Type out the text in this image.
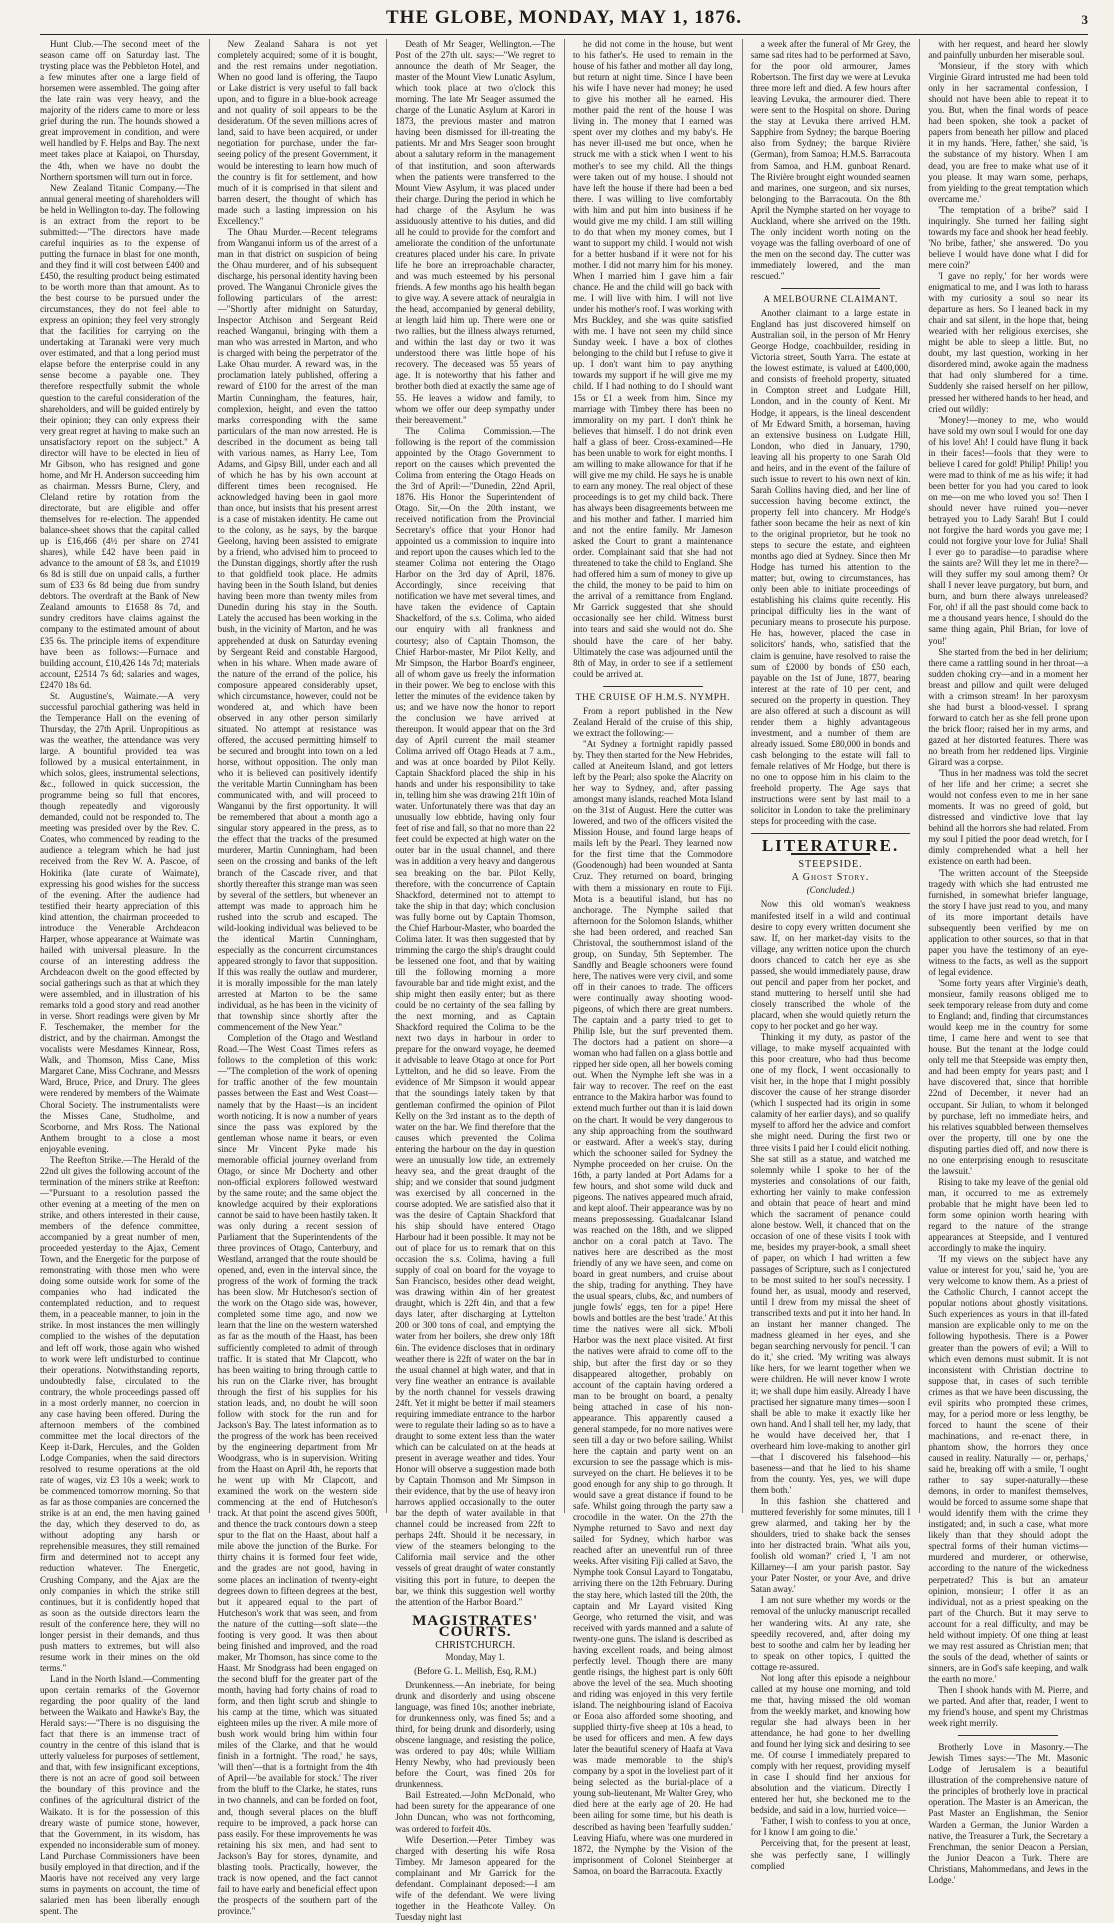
THE GLOBE, MONDAY, MAY 1, 1876.	3

Hunt Club.—The second meet of the season came off on Saturday last. The trysting place was the Pebbleton Hotel, and a few minutes after one a large field of horsemen were assembled. The going after the late rain was very heavy, and the majority of the riders came to more or less grief during the run. The hounds showed a great improvement in condition, and were well handled by F. Helps and Bay. The next meet takes place at Kaiapoi, on Thursday, the 4th, when we have no doubt the Northern sportsmen will turn out in force.

New Zealand Titanic Company.—The annual general meeting of shareholders will be held in Wellington to-day. The following is an extract from the report to be submitted:—"The directors have made careful inquiries as to the expense of putting the furnace in blast for one month, and they find it will cost between £400 and £450, the resulting product being estimated to be worth more than that amount. As to the best course to be pursued under the circumstances, they do not feel able to express an opinion; they feel very strongly that the facilities for carrying on the undertaking at Taranaki were very much over estimated, and that a long period must elapse before the enterprise could in any sense become a payable one. They therefore respectfully submit the whole question to the careful consideration of the shareholders, and will be guided entirely by their opinion; they can only express their very great regret at having to make such an unsatisfactory report on the subject." A director will have to be elected in lieu of Mr Gibson, who has resigned and gone home, and Mr H. Anderson succeeding him as chairman. Messrs Burne, Clery, and Cleland retire by rotation from the directorate, but are eligible and offer themselves for re-election. The appended balance-sheet shows that the capital called up is £16,466 (4½ per share on 2741 shares), while £42 have been paid in advance to the amount of £8 3s, and £1019 6s 8d is still due on unpaid calls, a further sum of £33 6s 8d being due from sundry debtors. The overdraft at the Bank of New Zealand amounts to £1658 8s 7d, and sundry creditors have claims against the company to the estimated amount of about £35 6s. The principle items of expenditure have been as follows:—Furnace and building account, £10,426 14s 7d; materials account, £2514 7s 6d; salaries and wages, £2470 18s 6d.

St. Augustine's, Waimate.—A very successful parochial gathering was held in the Temperance Hall on the evening of Thursday, the 27th April. Unpropitious as was the weather, the attendance was very large. A bountiful provided tea was followed by a musical entertainment, in which solos, glees, instrumental selections, &c., followed in quick succession, the programme being so full that encores, though repeatedly and vigorously demanded, could not be responded to. The meeting was presided over by the Rev. C. Coates, who commenced by reading to the audience a telegram which he had just received from the Rev W. A. Pascoe, of Hokitika (late curate of Waimate), expressing his good wishes for the success of the evening. After the audience had testified their hearty appreciation of this kind attention, the chairman proceeded to introduce the Venerable Archdeacon Harper, whose appearance at Waimate was hailed with universal pleasure. In the course of an interesting address the Archdeacon dwelt on the good effected by social gatherings such as that at which they were assembled, and in illustration of his remarks told a good story and read another in verse. Short readings were given by Mr F. Teschemaker, the member for the district, and by the chairman. Amongst the vocalists were Mesdames Kinnear, Ross, Walk, and Thomson, Miss Cane, Miss Margaret Cane, Miss Cochrane, and Messrs Ward, Bruce, Price, and Drury. The glees were rendered by members of the Waimate Choral Society. The instrumentalists were the Misses Cane, Studholme, and Scorborne, and Mrs Ross. The National Anthem brought to a close a most enjoyable evening.

The Reefton Strike.—The Herald of the 22nd ult gives the following account of the termination of the miners strike at Reefton:—"Pursuant to a resolution passed the other evening at a meeting of the men on strike, and others interested in their cause, members of the defence committee, accompanied by a great number of men, proceeded yesterday to the Ajax, Cement Town, and the Energetic for the purpose of remonstrating with those men who were doing some outside work for some of the companies who had indicated the contemplated reduction, and to request them, in a peaceable manner, to join in the strike. In most instances the men willingly complied to the wishes of the deputation and left off work, those again who wished to work were left undisturbed to continue their operations. Notwithstanding reports, undoubtedly false, circulated to the contrary, the whole proceedings passed off in a most orderly manner, no coercion in any case having been offered. During the afternoon members of the combined committee met the local directors of the Keep it-Dark, Hercules, and the Golden Lodge Companies, when the said directors resolved to resume operations at the old rate of wages, viz £3 10s a week; work to be commenced tomorrow morning. So that as far as those companies are concerned the strike is at an end, the men having gained the day, which they deserved to do, as without adopting any harsh or reprehensible measures, they still remained firm and determined not to accept any reduction whatever. The Energetic, Crushing Company, and the Ajax are the only companies in which the strike still continues, but it is confidently hoped that as soon as the outside directors learn the result of the conference here, they will no longer persist in their demands, and thus push matters to extremes, but will also resume work in their mines on the old terms."

Land in the North Island.—Commenting upon certain remarks of the Governor regarding the poor quality of the land between the Waikato and Hawke's Bay, the Herald says:—"There is no disguising the fact that there is an immense tract of country in the centre of this island that is utterly valueless for purposes of settlement, and that, with few insignificant exceptions, there is not an acre of good soil between the boundary of this province and the confines of the agricultural district of the Waikato. It is for the possession of this dreary waste of pumice stone, however, that the Government, in its wisdom, has expended no inconsiderable sum of money. Land Purchase Commissioners have been busily employed in that direction, and if the Maoris have not received any very large sums in payments on account, the time of salaried men has been liberally enough spent. The

New Zealand Sahara is not yet completely acquired; some of it is bought, and the rest remains under negotiation. When no good land is offering, the Taupo or Lake district is very useful to fall back upon, and to figure in a blue-book acreage and not quality of soil appears to be the desideratum. Of the seven millions acres of land, said to have been acquired, or under negotiation for purchase, under the far-seeing policy of the present Government, it would be interesting to learn how much of the country is fit for settlement, and how much of it is comprised in that silent and barren desert, the thought of which has made such a lasting impression on his Excellency."

The Ohau Murder.—Recent telegrams from Wanganui inform us of the arrest of a man in that district on suspicion of being the Ohau murderer, and of his subsequent discharge, his personal identity having been proved. The Wanganui Chronicle gives the following particulars of the arrest:—"Shortly after midnight on Saturday, Inspector Atchison and Sergeant Reid reached Wanganui, bringing with them a man who was arrested in Marton, and who is charged with being the perpetrator of the Lake Ohau murder. A reward was, in the proclamation lately published, offering a reward of £100 for the arrest of the man Martin Cunningham, the features, hair, complexion, height, and even the tattoo marks corresponding with the same particulars of the man now arrested. He is described in the document as being tall with various names, as Harry Lee, Tom Adams, and Gipsy Bill, under each and all of which he has by his own account at different times been recognised. He acknowledged having been in gaol more than once, but insists that his present arrest is a case of mistaken identity. He came out to the colony, as he says, by the barque Geelong, having been assisted to emigrate by a friend, who advised him to proceed to the Dunstan diggings, shortly after the rush to that goldfield took place. He admits having been in the South Island, but denies having been more than twenty miles from Dunedin during his stay in the South. Lately the accused has been working in the bush, in the vicinity of Marton, and he was apprehended at dusk on Saturday evening by Sergeant Reid and constable Hargood, when in his whare. When made aware of the nature of the errand of the police, his composure appeared considerably upset, which circumstance, however, could not be wondered at, and which have been observed in any other person similarly situated. No attempt at resistance was offered, the accused permitting himself to be secured and brought into town on a led horse, without opposition. The only man who it is believed can positively identify the veritable Martin Cunningham has been communicated with, and will proceed to Wanganui by the first opportunity. It will be remembered that about a month ago a singular story appeared in the press, as to the effect that the tracks of the presumed murderer, Martin Cunningham, had been seen on the crossing and banks of the left branch of the Cascade river, and that shortly thereafter this strange man was seen by several of the settlers, but whenever an attempt was made to approach him he rushed into the scrub and escaped. The wild-looking individual was believed to be the identical Martin Cunningham, especially as the concurrent circumstances appeared strongly to favor that supposition. If this was really the outlaw and murderer, it is morally impossible for the man lately arrested at Marton to be the same individual, as he has been in the vicinity of that township since shortly after the commencement of the New Year."

Completion of the Otago and Westland Road.—The West Coast Times refers as follows to the completion of this work:—"The completion of the work of opening for traffic another of the few mountain passes between the East and West Coast—namely that by the Haast—is an incident worth noticing. It is now a number of years since the pass was explored by the gentleman whose name it bears, or even since Mr Vincent Pyke made his memorable official journey overland from Otago, or since Mr Docherty and other non-official explorers followed westward by the same route; and the same object the knowledge acquired by their explorations cannot be said to have been hastily taken. It was only during a recent session of Parliament that the Superintendents of the three provinces of Otago, Canterbury, and Westland, arranged that the route should be opened, and, even in the interval since, the progress of the work of forming the track has been slow. Mr Hutcheson's section of the work on the Otago side was, however, completed some time ago, and now we learn that the line on the western watershed as far as the mouth of the Haast, has been sufficiently completed to admit of through traffic. It is stated that Mr Clapcott, who has been waiting to bring through cattle to his run on the Clarke river, has brought through the first of his supplies for his station leads, and, no doubt he will soon follow with stock for the run and for Jackson's Bay. The latest information as to the progress of the work has been received by the engineering department from Mr Woodgrass, who is in supervision. Writing from the Haast on April 4th, he reports that he went up with Mr Clapcott, and examined the work on the western side commencing at the end of Hutcheson's track. At that point the ascend gives 500ft, and thence the track contours down a steep spur to the flat on the Haast, about half a mile above the junction of the Burke. For thirty chains it is formed four feet wide, and the grades are not good, having in some places an inclination of twenty-eight degrees down to fifteen degrees at the best, but it appeared equal to the part of Hutcheson's work that was seen, and from the nature of the cutting—soft slate—the footing is very good. It was then about being finished and improved, and the road maker, Mr Thomson, has since come to the Haast. Mr Snodgrass had been engaged on the second bluff for the greater part of the month, having had forty chains of road to form, and then light scrub and shingle to his camp at the time, which was situated eighteen miles up the river. A mile more of bush work would bring him within four miles of the Clarke, and that he would finish in a fortnight. 'The road,' he says, 'will then'—that is a fortnight from the 4th of April—'be available for stock.' The river from the bluff to the Clarke, he states, runs in two channels, and can be forded on foot, and, though several places on the bluff require to be improved, a pack horse can pass easily. For these improvements he was retaining his six men, and had sent to Jackson's Bay for stores, dynamite, and blasting tools. Practically, however, the track is now opened, and the fact cannot fail to have early and beneficial effect upon the prospects of the southern part of the province."

Death of Mr Seager, Wellington.—The Post of the 27th ult. says:—"We regret to announce the death of Mr Seager, the master of the Mount View Lunatic Asylum, which took place at two o'clock this morning. The late Mr Seager assumed the charge of the Lunatic Asylum at Karori in 1873, the previous master and matron having been dismissed for ill-treating the patients. Mr and Mrs Seager soon brought about a salutary reform in the management of that institution, and soon afterwards when the patients were transferred to the Mount View Asylum, it was placed under their charge. During the period in which he had charge of the Asylum he was assiduously attentive to his duties, and did all he could to provide for the comfort and ameliorate the condition of the unfortunate creatures placed under his care. In private life he bore an irreproachable character, and was much esteemed by his personal friends. A few months ago his health began to give way. A severe attack of neuralgia in the head, accompanied by general debility, at length laid him up. There were one or two rallies, but the illness always returned, and within the last day or two it was understood there was little hope of his recovery. The deceased was 55 years of age. It is noteworthy that his father and brother both died at exactly the same age of 55. He leaves a widow and family, to whom we offer our deep sympathy under their bereavement."

The Colima Commission.—The following is the report of the commission appointed by the Otago Government to report on the causes which prevented the Colima from entering the Otago Heads on the 3rd of April:—"Dunedin, 22nd April, 1876. His Honor the Superintendent of Otago. Sir,—On the 20th instant, we received notification from the Provincial Secretary's office that your Honor had appointed us a commission to inquire into and report upon the causes which led to the steamer Colima not entering the Otago Harbor on the 3rd day of April, 1876. Accordingly, since receiving that notification we have met several times, and have taken the evidence of Captain Shackelford, of the s.s. Colima, who aided our enquiry with all frankness and courtesy; also of Captain Thomson, the Chief Harbor-master, Mr Pilot Kelly, and Mr Simpson, the Harbor Board's engineer, all of whom gave us freely the information in their power. We beg to enclose with this letter the minutes of the evidence taken by us; and we have now the honor to report the conclusion we have arrived at thereupon. It would appear that on the 3rd day of April current the mail steamer Colima arrived off Otago Heads at 7 a.m., and was at once boarded by Pilot Kelly. Captain Shackford placed the ship in his hands and under his responsibility to take in, telling him she was drawing 21ft 10in of water. Unfortunately there was that day an unusually low ebbtide, having only four feet of rise and fall, so that no more than 22 feet could be expected at high water on the outer bar in the usual channel, and there was in addition a very heavy and dangerous sea breaking on the bar. Pilot Kelly, therefore, with the concurrence of Captain Shackford, determined not to attempt to take the ship in that day; which conclusion was fully borne out by Captain Thomson, the Chief Harbour-Master, who boarded the Colima later. It was then suggested that by trimming the cargo the ship's draught could be lessened one foot, and that by waiting till the following morning a more favourable bar and tide might exist, and the ship might then easily enter; but as there could be no certainty of the sea falling by the next morning, and as Captain Shackford required the Colima to be the next two days in harbour in order to prepare for the onward voyage, he deemed it advisable to leave Otago at once for Port Lyttelton, and he did so leave. From the evidence of Mr Simpson it would appear that the soundings lately taken by that gentleman confirmed the opinion of Pilot Kelly on the 3rd instant as to the depth of water on the bar. We find therefore that the causes which prevented the Colima entering the harbour on the day in question were an unusually low tide, an extremely heavy sea, and the great draught of the ship; and we consider that sound judgment was exercised by all concerned in the course adopted. We are satisfied also that it was the desire of Captain Shackford that his ship should have entered Otago Harbour had it been possible. It may not be out of place for us to remark that on this occasion the s.s. Colima, having a full supply of coal on board for the voyage to San Francisco, besides other dead weight, was drawing within 4in of her greatest draught, which is 22ft 4in, and that a few days later, after discharging at Lyttelton 200 or 300 tons of coal, and emptying the water from her boilers, she drew only 18ft 6in. The evidence discloses that in ordinary weather there is 22ft of water on the bar in the usual channel at high water, and that in very fine weather an entrance is available by the north channel for vessels drawing 24ft. Yet it might be better if mail steamers requiring immediate entrance to the harbor were to regulate their lading so as to have a draught to some extent less than the water which can be calculated on at the heads at present in average weather and tides. Your Honor will observe a suggestion made both by Captain Thomson and Mr Simpson in their evidence, that by the use of heavy iron harrows applied occasionally to the outer bar the depth of water available in that channel could be increased from 22ft to perhaps 24ft. Should it be necessary, in view of the steamers belonging to the California mail service and the other vessels of great draught of water constantly visiting this port in future, to deepen the bar, we think this suggestion well worthy the attention of the Harbor Board."

MAGISTRATES' COURTS.
CHRISTCHURCH.
Monday, May 1.
(Before G. L. Mellish, Esq, R.M.)

Drunkenness.—An inebriate, for being drunk and disorderly and using obscene language, was fined 10s; another inebriate, for drunkenness only, was fined 5s; and a third, for being drunk and disorderly, using obscene language, and resisting the police, was ordered to pay 40s; while William Henry Newby, who had previously been before the Court, was fined 20s for drunkenness.

Bail Estreated.—John McDonald, who had been surety for the appearance of one John Duncan, who was not forthcoming, was ordered to forfeit 40s.

Wife Desertion.—Peter Timbey was charged with deserting his wife Rosa Timbey. Mr Jameson appeared for the complainant and Mr Garrick for the defendant. Complainant deposed:—I am wife of the defendant. We were living together in the Heathcote Valley. On Tuesday night last

he did not come in the house, but went to his father's. He used to remain in the house of his father and mother all day long, but return at night time. Since I have been his wife I have never had money; he used to give his mother all he earned. His mother paid the rent of the house I was living in. The money that I earned was spent over my clothes and my baby's. He has never ill-used me but once, when he struck me with a stick when I went to his mother's to see my child. All the things were taken out of my house. I should not have left the house if there had been a bed there. I was willing to live comfortably with him and put him into business if he would give me my child. I am still willing to do that when my money comes, but I want to support my child. I would not wish for a better husband if it were not for his mother. I did not marry him for his money. When I married him I gave him a fair chance. He and the child will go back with me. I will live with him. I will not live under his mother's roof. I was working with Mrs Buckley, and she was quite satisfied with me. I have not seen my child since Sunday week. I have a box of clothes belonging to the child but I refuse to give it up. I don't want him to pay anything towards my support if he will give me my child. If I had nothing to do I should want 15s or £1 a week from him. Since my marriage with Timbey there has been no immorality on my part. I don't think he believes that himself. I do not drink even half a glass of beer. Cross-examined—He has been unable to work for eight months. I am willing to make allowance for that if he will give me my child. He says he is unable to earn any money. The real object of these proceedings is to get my child back. There has always been disagreements between me and his mother and father. I married him and not the entire family. Mr Jameson asked the Court to grant a maintenance order. Complainant said that she had not threatened to take the child to England. She had offered him a sum of money to give up the child, the money to be paid to him on the arrival of a remittance from England. Mr Garrick suggested that she should occasionally see her child. Witness burst into tears and said she would not do. She should have the care of her baby. Ultimately the case was adjourned until the 8th of May, in order to see if a settlement could be arrived at.

THE CRUISE OF H.M.S. NYMPH.

From a report published in the New Zealand Herald of the cruise of this ship, we extract the following:—

"At Sydney a fortnight rapidly passed by. They then started for the New Hebrides, called at Aneiteum Island, and got letters left by the Pearl; also spoke the Alacrity on her way to Sydney, and, after passing amongst many islands, reached Mota Island on the 31st of August. Here the cutter was lowered, and two of the officers visited the Mission House, and found large heaps of mails left by the Pearl. They learned now for the first time that the Commodore (Goodenough) had been wounded at Santa Cruz. They returned on board, bringing with them a missionary en route to Fiji. Mota is a beautiful island, but has no anchorage. The Nymphe sailed that afternoon for the Solomon Islands, whither she had been ordered, and reached San Christoval, the southernmost island of the group, on Sunday, 5th September. The Sandfly and Beagle schooners were found here, The natives were very civil, and some off in their canoes to trade. The officers were continually away shooting wood-pigeons, of which there are great numbers. The captain and a party tried to get to Philip Isle, but the surf prevented them. The doctors had a patient on shore—a woman who had fallen on a glass bottle and ripped her side open, all her bowels coming out. When the Nymphe left she was in a fair way to recover. The reef on the east entrance to the Makira harbor was found to extend much further out than it is laid down on the chart. It would be very dangerous to any ship approaching from the southward or eastward. After a week's stay, during which the schooner sailed for Sydney the Nymphe proceeded on her cruise. On the 16th, a party landed at Port Adams for a few hours, and shot some wild duck and pigeons. The natives appeared much afraid, and kept aloof. Their appearance was by no means prepossessing. Guadalcanar Island was reached on the 18th, and we slipped anchor on a coral patch at Tavo. The natives here are described as the most friendly of any we have seen, and come on board in great numbers, and cruise about the ship, trading for anything. They have the usual spears, clubs, &c, and numbers of jungle fowls' eggs, ten for a pipe! Here bowls and bottles are the best 'trade.' At this time the natives were all sick. M'boli Harbor was the next place visited. At first the natives were afraid to come off to the ship, but after the first day or so they disappeared altogether, probably on account of the captain having ordered a man to be brought on board, a penalty being attached in case of his non-appearance. This apparently caused a general stampede, for no more natives were seen till a day or two before sailing. Whilst here the captain and party went on an excursion to see the passage which is mis-surveyed on the chart. He believes it to be good enough for any ship to go through. It would save a great distance if found to be safe. Whilst going through the party saw a crocodile in the water. On the 27th the Nymphe returned to Savo and next day sailed for Sydney, which harbor was reached after an uneventful run of three weeks. After visiting Fiji called at Savo, the Nymphe took Consul Layard to Tongatabu, arriving there on the 12th February. During the stay here, which lasted till the 20th, the captain and Mr Layard visited King George, who returned the visit, and was received with yards manned and a salute of twenty-one guns. The island is described as having excellent roads, and being almost perfectly level. Though there are many gentle risings, the highest part is only 60ft above the level of the sea. Much shooting and riding was enjoyed in this very fertile island. The neighbouring island of Eacoiva or Eooa also afforded some shooting, and supplied thirty-five sheep at 10s a head, to be used for officers and men. A few days later the beautiful scenery of Haafa at Vava was made memorable to the ship's company by a spot in the loveliest part of it being selected as the burial-place of a young sub-lieutenant, Mr Walter Grey, who died here at the early age of 20. He had been ailing for some time, but his death is described as having been 'fearfully sudden.' Leaving Hiafu, where was one murdered in 1872, the Nymphe by the Vision of the imprisonment of Colonel Steinberger at Samoa, on board the Barracouta. Exactly

a week after the funeral of Mr Grey, the same sad rites had to be performed at Savo, for the poor old armourer, James Robertson. The first day we were at Levuka three more left and died. A few hours after leaving Levuka, the armourer died. There were sent to the Hospital on shore. During the stay at Levuka there arrived H.M. Sapphire from Sydney; the barque Boering also from Sydney; the barque Rivière (German), from Samoa; H.M.S. Barracouta from Samoa, and H.M. gunboat Renard. The Rivière brought eight wounded seamen and marines, one surgeon, and six nurses, belonging to the Barracouta. On the 8th April the Nymphe started on her voyage to Auckland, where she arrived on the 19th. The only incident worth noting on the voyage was the falling overboard of one of the men on the second day. The cutter was immediately lowered, and the man rescued."

A MELBOURNE CLAIMANT.

Another claimant to a large estate in England has just discovered himself on Australian soil, in the person of Mr Henry George Hodge, coachbuilder, residing in Victoria street, South Yarra. The estate at the lowest estimate, is valued at £400,000, and consists of freehold property, situated in Compton street and Ludgate Hill, London, and in the county of Kent. Mr Hodge, it appears, is the lineal descendent of Mr Edward Smith, a horseman, having an extensive business on Ludgate Hill, London, who died in January, 1790, leaving all his property to one Sarah Old and heirs, and in the event of the failure of such issue to revert to his own next of kin. Sarah Collins having died, and her line of succession having become extinct, the property fell into chancery. Mr Hodge's father soon became the heir as next of kin to the original proprietor, but he took no steps to secure the estate, and eighteen months ago died at Sydney. Since then Mr Hodge has turned his attention to the matter; but, owing to circumstances, has only been able to initiate proceedings of establishing his claims quite recently. His principal difficulty lies in the want of pecuniary means to prosecute his purpose. He has, however, placed the case in solicitors' hands, who, satisfied that the claim is genuine, have resolved to raise the sum of £2000 by bonds of £50 each, payable on the 1st of June, 1877, bearing interest at the rate of 10 per cent, and secured on the property in question. They are also offered at such a discount as will render them a highly advantageous investment, and a number of them are already issued. Some £80,000 in bonds and cash belonging to the estate will fall to female relatives of Mr Hodge, but there is no one to oppose him in his claim to the freehold property. The Age says that instructions were sent by last mail to a solicitor in London to take the preliminary steps for proceeding with the case.

LITERATURE.
STEEPSIDE.
A Ghost Story.
(Concluded.)

Now this old woman's weakness manifested itself in a wild and continual desire to copy every written document she saw. If, on her market-day visits to the village, any written notice upon the church doors chanced to catch her eye as she passed, she would immediately pause, draw out pencil and paper from her pocket, and stand muttering to herself until she had closely transcribed the whole of the placard, when she would quietly return the copy to her pocket and go her way.

Thinking it my duty, as pastor of the village, to make myself acquainted with this poor creature, who had thus become one of my flock, I went occasionally to visit her, in the hope that I might possibly discover the cause of her strange disorder (which I suspected had its origin in some calamity of her earlier days), and so qualify myself to afford her the advice and comfort she might need. During the first two or three visits I paid her I could elicit nothing. She sat still as a statue, and watched me solemnly while I spoke to her of the mysteries and consolations of our faith, exhorting her vainly to make confession and obtain that peace of heart and mind which the sacrament of penance could alone bestow. Well, it chanced that on the occasion of one of these visits I took with me, besides my prayer-book, a small sheet of paper, on which I had written a few passages of Scripture, such as I conjectured to be most suited to her soul's necessity. I found her, as usual, moody and reserved, until I drew from my missal the sheet of transcribed texts and put it into her hand. In an instant her manner changed. The madness gleamed in her eyes, and she began searching nervously for pencil. 'I can do it,' she cried. 'My writing was always like hers, for we learnt together when we were children. He will never know I wrote it; we shall dupe him easily. Already I have practised her signature many times—soon I shall be able to make it exactly like her own hand. And I shall tell her, my lady, that he would have deceived her, that I overheard him love-making to another girl—that I discovered his falsehood—his baseness—and that he lied to his shame from the county. Yes, yes, we will dupe them both.'

In this fashion she chattered and muttered feverishly for some minutes, till I grew alarmed, and taking her by the shoulders, tried to shake back the senses into her distracted brain. 'What ails you, foolish old woman?' cried I, 'I am not Killarney—I am your parish pastor. Say your Pater Noster, or your Ave, and drive Satan away.'

I am not sure whether my words or the removal of the unlucky manuscript recalled her wandering wits. At any rate, she speedily recovered, and, after doing my best to soothe and calm her by leading her to speak on other topics, I quitted the cottage re-assured.

Not long after this episode a neighbour called at my house one morning, and told me that, having missed the old woman from the weekly market, and knowing how regular she had always been in her attendance, he had gone to her dwelling and found her lying sick and desiring to see me. Of course I immediately prepared to comply with her request, providing myself in case I should find her anxious for absolution and the viaticum. Directly I entered her hut, she beckoned me to the bedside, and said in a low, hurried voice—

'Father, I wish to confess to you at once, for I know I am going to die.'

Perceiving that, for the present at least, she was perfectly sane, I willingly complied

with her request, and heard her slowly and painfully unburden her miserable soul.

'Monsieur, if the story with which Virginie Girard intrusted me had been told only in her sacramental confession, I should not have been able to repeat it to you. But, when the final words of peace had been spoken, she took a packet of papers from beneath her pillow and placed it in my hands. 'Here, father,' she said, 'is the substance of my history. When I am dead, you are free to make what use of it you please. It may warn some, perhaps, from yielding to the great temptation which overcame me.'

'The temptation of a bribe?' said I inquiringly. She turned her failing sight towards my face and shook her head feebly. 'No bribe, father,' she answered. 'Do you believe I would have done what I did for mere coin?'

'I gave no reply,' for her words were enigmatical to me, and I was loth to harass with my curiosity a soul so near its departure as hers. So I leaned back in my chair and sat silent, in the hope that, being wearied with her religious exercises, she might be able to sleep a little. But, no doubt, my last question, working in her disordered mind, awoke again the madness that had only slumbered for a time. Suddenly she raised herself on her pillow, pressed her withered hands to her head, and cried out wildly:

'Money!—money to me, who would have sold my own soul I would for one day of his love! Ah! I could have flung it back in their faces!—fools that they were to believe I cared for gold! Philip! Philip! you were mad to think of me as his wife; it had been better for you had you cared to look on me—on me who loved you so! Then I should never have ruined you—never betrayed you to Lady Sarah! But I could not forgive the hard words you gave me; I could not forgive your love for Julia! Shall I ever go to paradise—to paradise where the saints are? Will they let me in there?—will they suffer my soul among them? Or shall I never leave purgatory, but burn, and burn, and burn there always unreleased? For, oh! if all the past should come back to me a thousand years hence, I should do the same thing again, Phil Brian, for love of you!'

She started from the bed in her delirium; there came a rattling sound in her throat—a sudden choking cry—and in a moment her breast and pillow and quilt were deluged with a crimson stream! In her paroxysm she had burst a blood-vessel. I sprang forward to catch her as she fell prone upon the brick floor; raised her in my arms, and gazed at her distorted features. There was no breath from her reddened lips. Virginie Girard was a corpse.

'Thus in her madness was told the secret of her life and her crime; a secret she would not confess even to me in her sane moments. It was no greed of gold, but distressed and vindictive love that lay behind all the horrors she had related. From my soul I pitied the poor dead wretch, for I dimly comprehended what a hell her existence on earth had been.

'The written account of the Steepside tragedy with which she had entrusted me furnished, in somewhat briefer language, the story I have just read to you, and many of its more important details have subsequently been verified by me on application to other sources, so that in that paper you have the testimony of an eye-witness to the facts, as well as the support of legal evidence.

'Some forty years after Virginie's death, monsieur, family reasons obliged me to seek temporary release from duty and come to England; and, finding that circumstances would keep me in the country for some time, I came here and went to see that house. But the tenant at the lodge could only tell me that Steepside was empty then, and had been empty for years past; and I have discovered that, since that horrible 22nd of December, it never had an occupant. Sir Julian, to whom it belonged by purchase, left no immediate heirs, and his relatives squabbled between themselves over the property, till one by one the disputing parties died off, and now there is no one enterprising enough to resuscitate the lawsuit.'

Rising to take my leave of the genial old man, it occurred to me as extremely probable that he might have been led to form some opinion worth hearing with regard to the nature of the strange appearances at Steepside, and I ventured accordingly to make the inquiry.

'If my views on the subject have any value or interest for you,' said he, 'you are very welcome to know them. As a priest of the Catholic Church, I cannot accept the popular notions about ghostly visitations. Such experiences as yours in that ill-fated mansion are explicable only to me on the following hypothesis. There is a Power greater than the powers of evil; a Will to which even demons must submit. It is not inconsistent with Christian doctrine to suppose that, in cases of such terrible crimes as that we have been discussing, the evil spirits who prompted these crimes, may, for a period more or less lengthy, be forced to haunt the scene of their machinations, and re-enact there, in phantom show, the horrors they once caused in reality. Naturally — or, perhaps,' said he, breaking off with a smile, 'I ought rather to say super-naturally—these demons, in order to manifest themselves, would be forced to assume some shape that would identify them with the crime they instigated; and, in such a case, what more likely than that they should adopt the spectral forms of their human victims—murdered and murderer, or otherwise, according to the nature of the wickedness perpetrated? This is but an amateur opinion, monsieur; I offer it as an individual, not as a priest speaking on the part of the Church. But it may serve to account for a real difficulty, and may be held without impiety. Of one thing at least we may rest assured as Christian men; that the souls of the dead, whether of saints or sinners, are in God's safe keeping, and walk the earth no more.'

Then I shook hands with M. Pierre, and we parted. And after that, reader, I went to my friend's house, and spent my Christmas week right merrily.

Brotherly Love in Masonry.—The Jewish Times says:—'The Mt. Masonic Lodge of Jerusalem is a beautiful illustration of the comprehensive nature of the principles of brotherly love in practical operation. The Master is an American, the Past Master an Englishman, the Senior Warden a German, the Junior Warden a native, the Treasurer a Turk, the Secretary a Frenchman, the senior Deacon a Persian, the Junior Deacon a Turk. There are Christians, Mahommedans, and Jews in the Lodge.'
